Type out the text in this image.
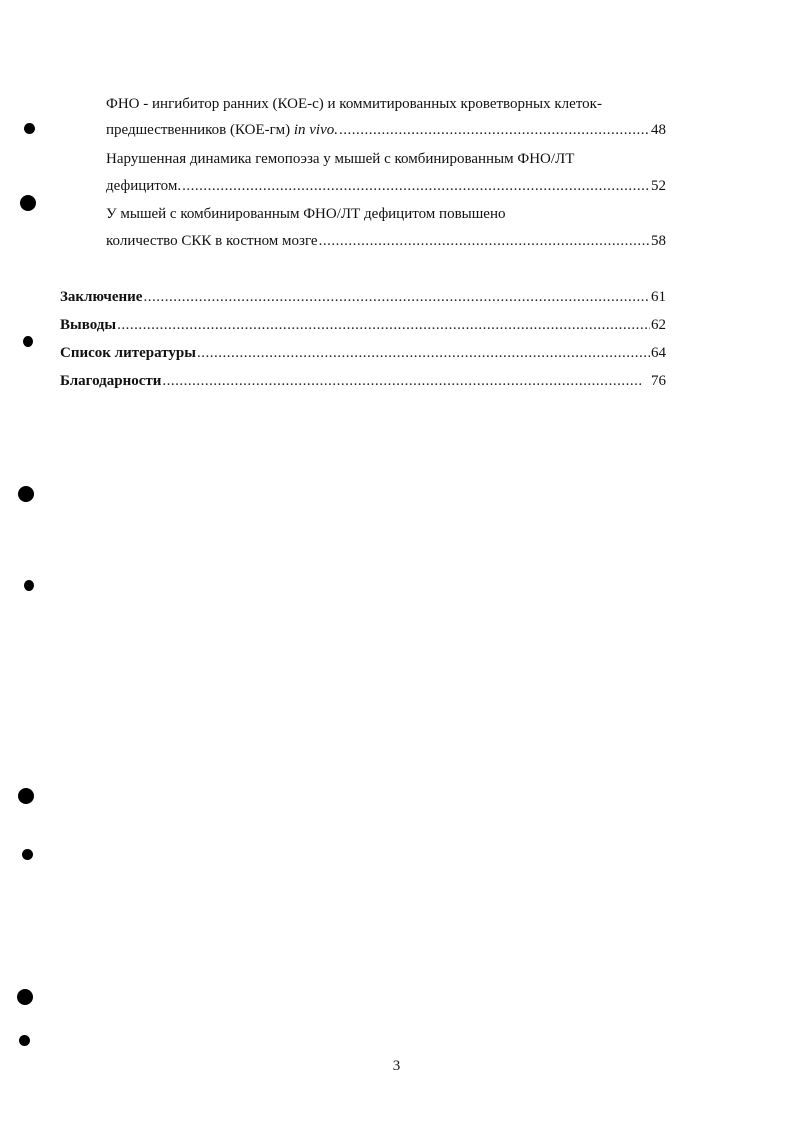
ФНО - ингибитор ранних (КОЕ-с) и коммитированных кроветворных клеток-
предшественников (КОЕ-гм) in vivo. .....	48
Нарушенная динамика гемопоэза у мышей с комбинированным ФНО/ЛТ
дефицитом. .....	52
У мышей с комбинированным ФНО/ЛТ дефицитом повышено
количество СКК в костном мозге .....	58
Заключение .....	61
Выводы .....	62
Список литературы .....	64
Благодарности .....	76
3
